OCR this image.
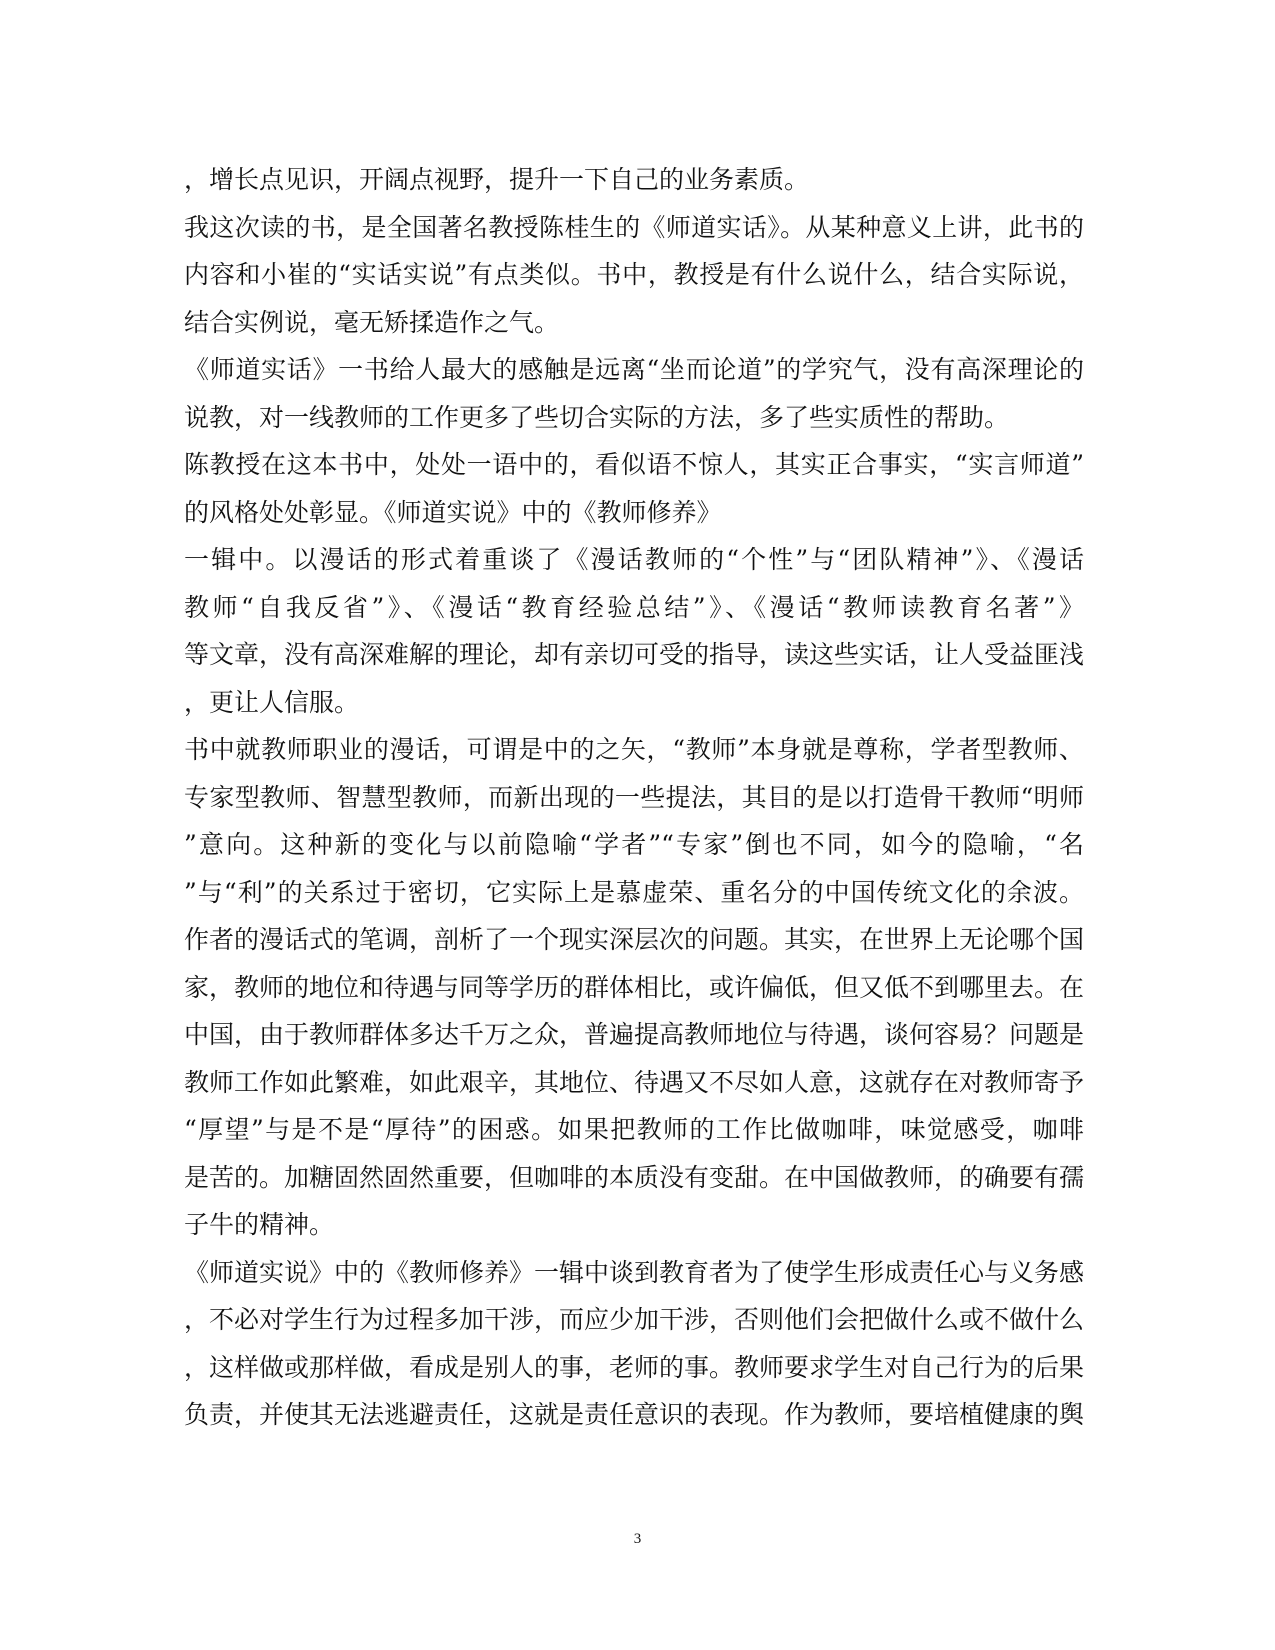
，增长点见识，开阔点视野，提升一下自己的业务素质。
我这次读的书，是全国著名教授陈桂生的《师道实话》。从某种意义上讲，此书的
内容和小崔的“实话实说”有点类似。书中，教授是有什么说什么，结合实际说，
结合实例说，毫无矫揉造作之气。
《师道实话》一书给人最大的感触是远离“坐而论道”的学究气，没有高深理论的
说教，对一线教师的工作更多了些切合实际的方法，多了些实质性的帮助。
陈教授在这本书中，处处一语中的，看似语不惊人，其实正合事实，“实言师道”
的风格处处彰显。《师道实说》中的《教师修养》
一辑中。以漫话的形式着重谈了《漫话教师的“个性”与“团队精神”》、《漫话
教师“自我反省”》、《漫话“教育经验总结”》、《漫话“教师读教育名著”》
等文章，没有高深难解的理论，却有亲切可受的指导，读这些实话，让人受益匪浅
，更让人信服。
书中就教师职业的漫话，可谓是中的之矢，“教师”本身就是尊称，学者型教师、
专家型教师、智慧型教师，而新出现的一些提法，其目的是以打造骨干教师“明师
”意向。这种新的变化与以前隐喻“学者”“专家”倒也不同，如今的隐喻，“名
”与“利”的关系过于密切，它实际上是慕虚荣、重名分的中国传统文化的余波。
作者的漫话式的笔调，剖析了一个现实深层次的问题。其实，在世界上无论哪个国
家，教师的地位和待遇与同等学历的群体相比，或许偏低，但又低不到哪里去。在
中国，由于教师群体多达千万之众，普遍提高教师地位与待遇，谈何容易？问题是
教师工作如此繁难，如此艰辛，其地位、待遇又不尽如人意，这就存在对教师寄予
“厚望”与是不是“厚待”的困惑。如果把教师的工作比做咖啡，味觉感受，咖啡
是苦的。加糖固然固然重要，但咖啡的本质没有变甜。在中国做教师，的确要有孺
子牛的精神。
《师道实说》中的《教师修养》一辑中谈到教育者为了使学生形成责任心与义务感
，不必对学生行为过程多加干涉，而应少加干涉，否则他们会把做什么或不做什么
，这样做或那样做，看成是别人的事，老师的事。教师要求学生对自己行为的后果
负责，并使其无法逃避责任，这就是责任意识的表现。作为教师，要培植健康的舆
3
